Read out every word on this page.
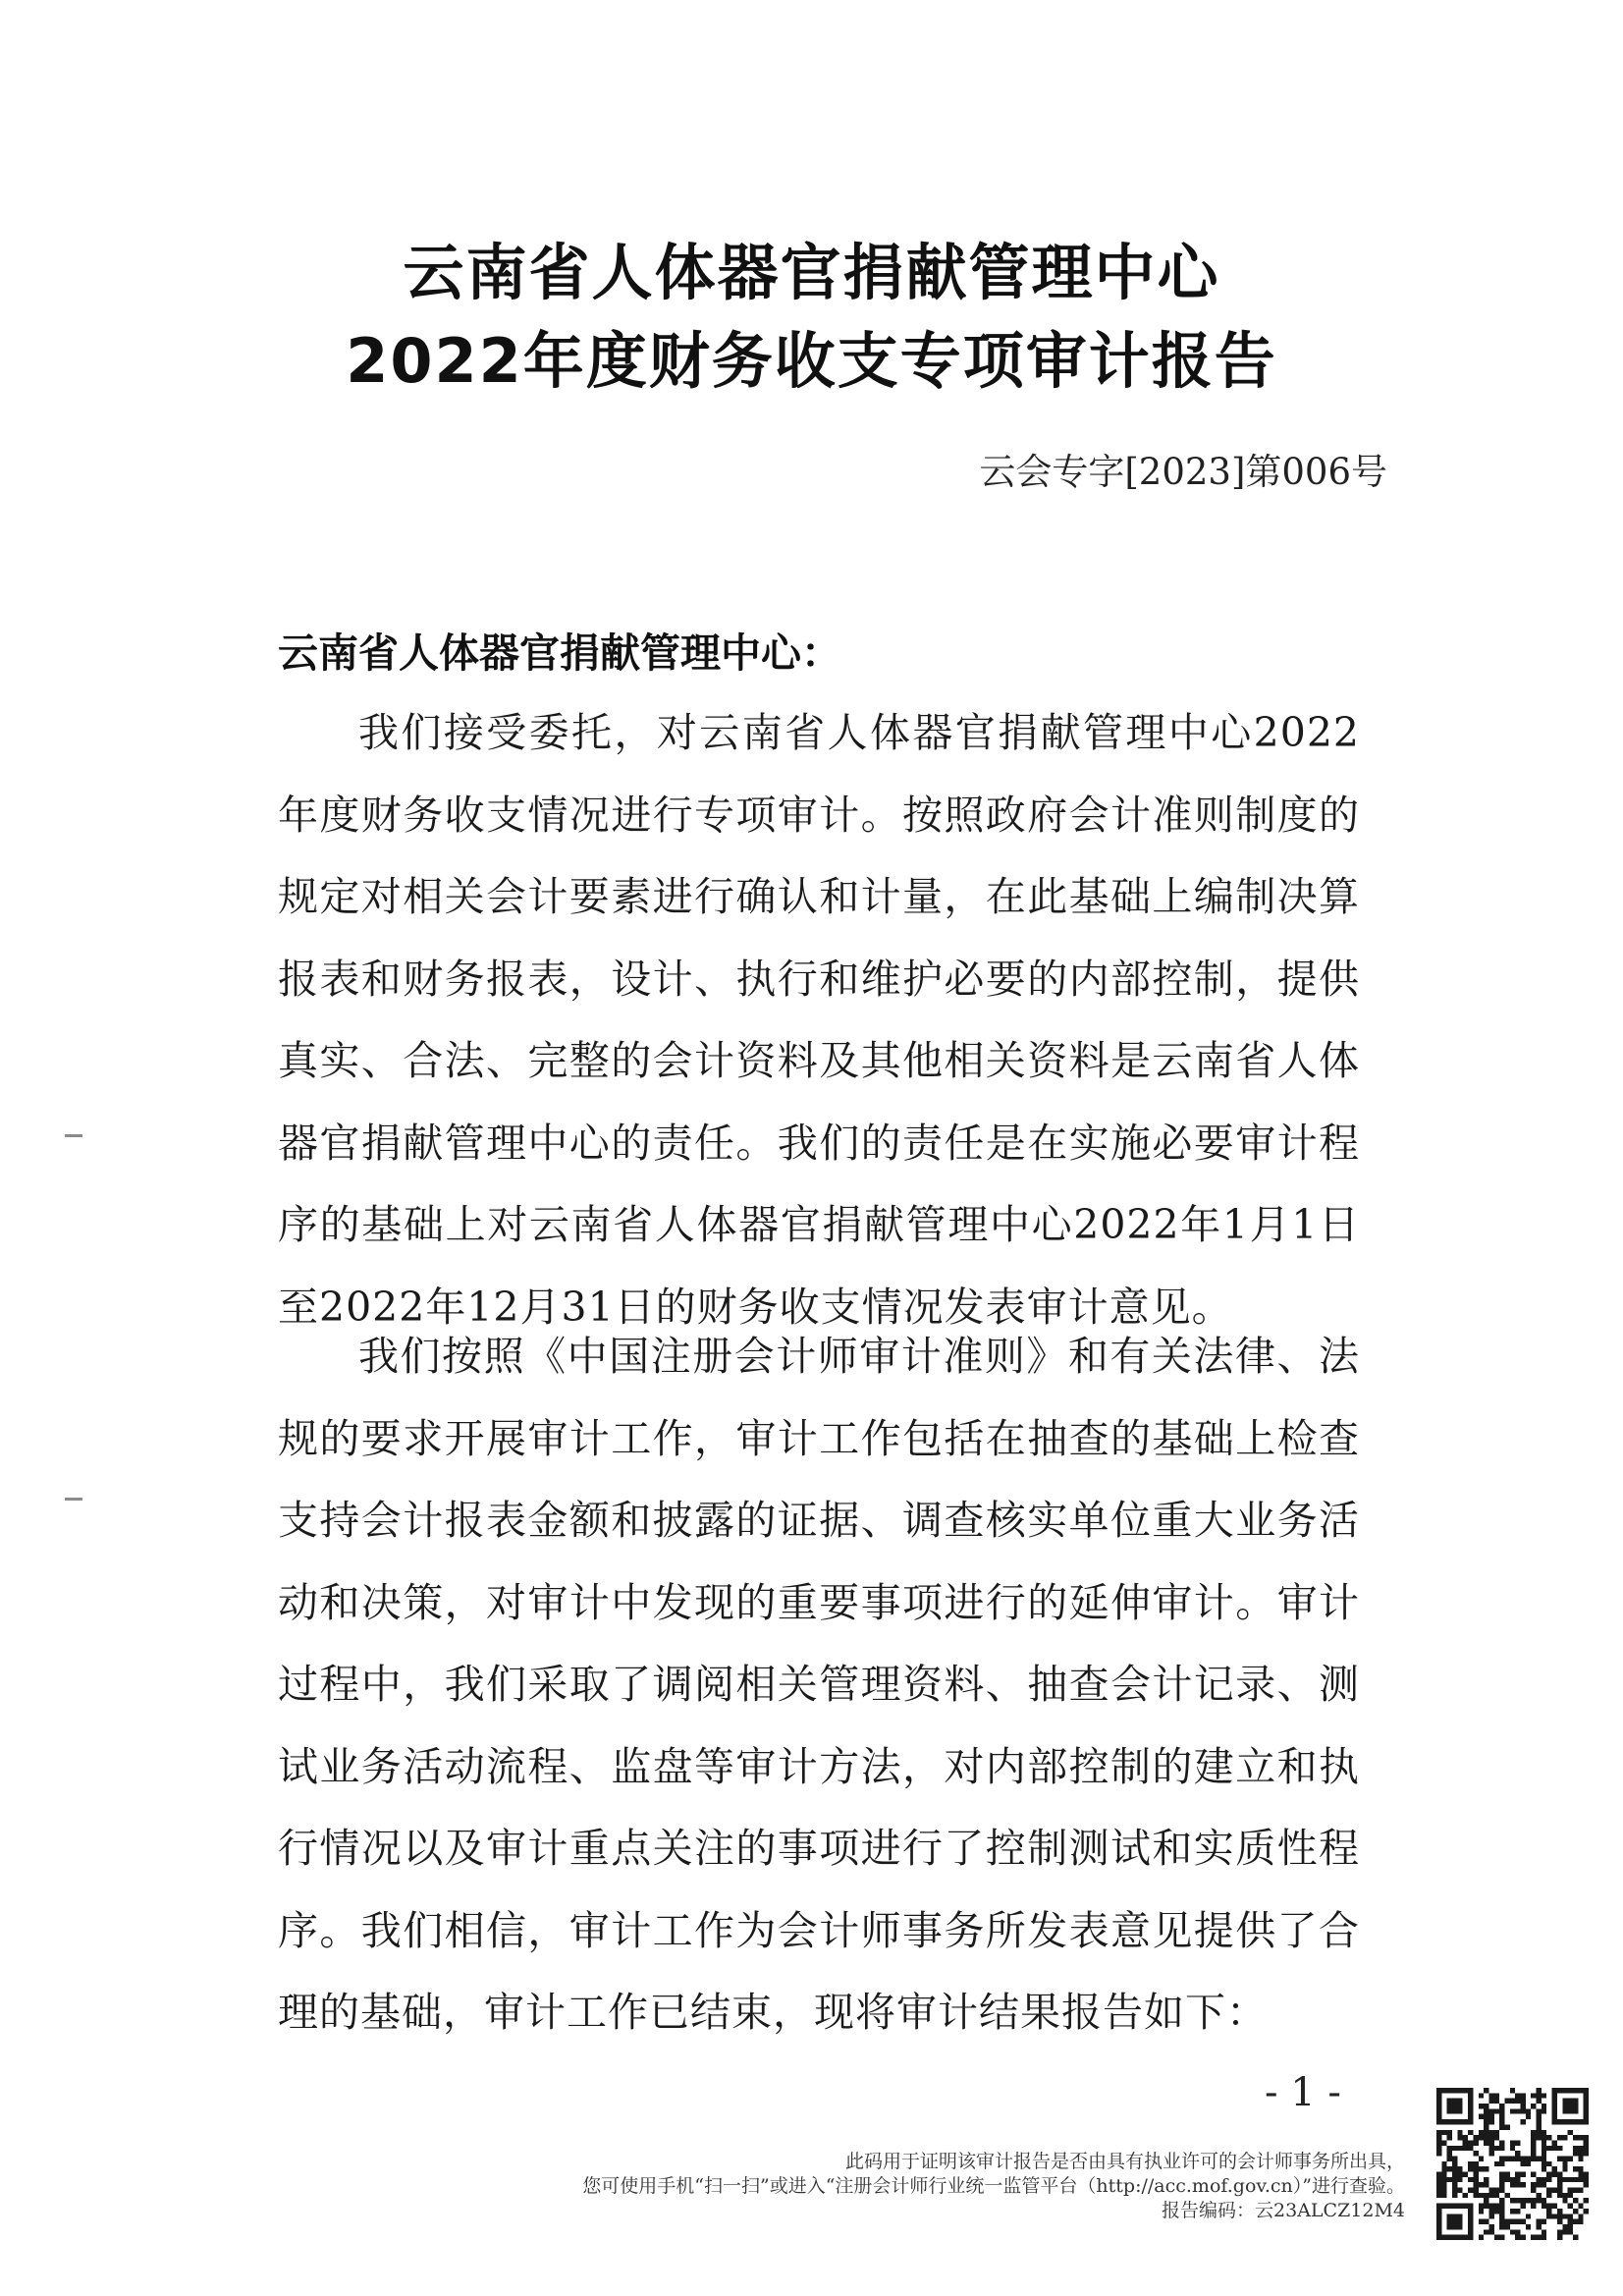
云南省人体器官捐献管理中心
2022年度财务收支专项审计报告
云会专字[2023]第006号
云南省人体器官捐献管理中心：
我们接受委托，对云南省人体器官捐献管理中心2022年度财务收支情况进行专项审计。按照政府会计准则制度的规定对相关会计要素进行确认和计量，在此基础上编制决算报表和财务报表，设计、执行和维护必要的内部控制，提供真实、合法、完整的会计资料及其他相关资料是云南省人体器官捐献管理中心的责任。我们的责任是在实施必要审计程序的基础上对云南省人体器官捐献管理中心2022年1月1日至2022年12月31日的财务收支情况发表审计意见。
我们按照《中国注册会计师审计准则》和有关法律、法规的要求开展审计工作，审计工作包括在抽查的基础上检查支持会计报表金额和披露的证据、调查核实单位重大业务活动和决策，对审计中发现的重要事项进行的延伸审计。审计过程中，我们采取了调阅相关管理资料、抽查会计记录、测试业务活动流程、监盘等审计方法，对内部控制的建立和执行情况以及审计重点关注的事项进行了控制测试和实质性程序。我们相信，审计工作为会计师事务所发表意见提供了合理的基础，审计工作已结束，现将审计结果报告如下：
- 1 -
此码用于证明该审计报告是否由具有执业许可的会计师事务所出具，
您可使用手机“扫一扫”或进入“注册会计师行业统一监管平台（http://acc.mof.gov.cn）”进行查验。
报告编码：云23ALCZ12M4
